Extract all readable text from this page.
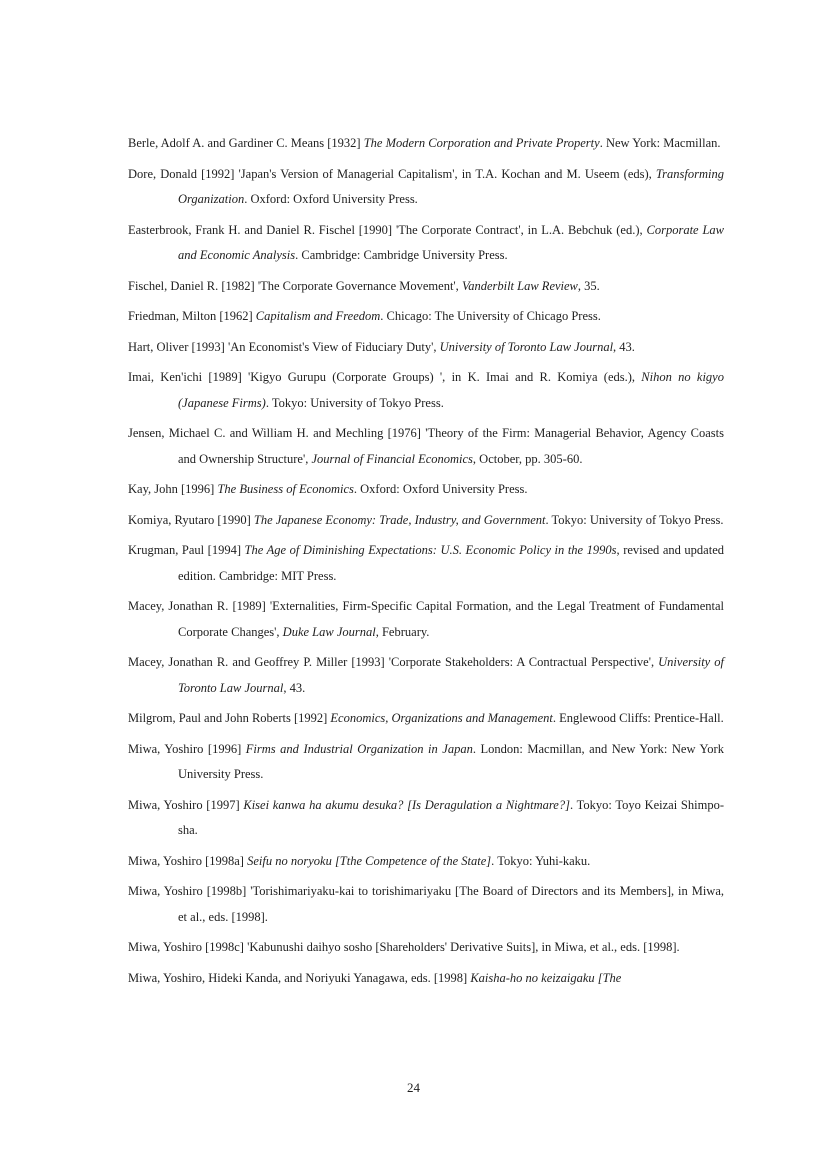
Berle, Adolf A. and Gardiner C. Means [1932] The Modern Corporation and Private Property. New York: Macmillan.

Dore, Donald [1992] 'Japan's Version of Managerial Capitalism', in T.A. Kochan and M. Useem (eds), Transforming Organization. Oxford: Oxford University Press.

Easterbrook, Frank H. and Daniel R. Fischel [1990] 'The Corporate Contract', in L.A. Bebchuk (ed.), Corporate Law and Economic Analysis. Cambridge: Cambridge University Press.

Fischel, Daniel R. [1982] 'The Corporate Governance Movement', Vanderbilt Law Review, 35.

Friedman, Milton [1962] Capitalism and Freedom. Chicago: The University of Chicago Press.

Hart, Oliver [1993] 'An Economist's View of Fiduciary Duty', University of Toronto Law Journal, 43.

Imai, Ken'ichi [1989] 'Kigyo Gurupu (Corporate Groups) ', in K. Imai and R. Komiya (eds.), Nihon no kigyo (Japanese Firms). Tokyo: University of Tokyo Press.

Jensen, Michael C. and William H. and Mechling [1976] 'Theory of the Firm: Managerial Behavior, Agency Coasts and Ownership Structure', Journal of Financial Economics, October, pp. 305-60.

Kay, John [1996] The Business of Economics. Oxford: Oxford University Press.

Komiya, Ryutaro [1990] The Japanese Economy: Trade, Industry, and Government. Tokyo: University of Tokyo Press.

Krugman, Paul [1994] The Age of Diminishing Expectations: U.S. Economic Policy in the 1990s, revised and updated edition. Cambridge: MIT Press.

Macey, Jonathan R. [1989] 'Externalities, Firm-Specific Capital Formation, and the Legal Treatment of Fundamental Corporate Changes', Duke Law Journal, February.

Macey, Jonathan R. and Geoffrey P. Miller [1993] 'Corporate Stakeholders: A Contractual Perspective', University of Toronto Law Journal, 43.

Milgrom, Paul and John Roberts [1992] Economics, Organizations and Management. Englewood Cliffs: Prentice-Hall.

Miwa, Yoshiro [1996] Firms and Industrial Organization in Japan. London: Macmillan, and New York: New York University Press.

Miwa, Yoshiro [1997] Kisei kanwa ha akumu desuka? [Is Deragulation a Nightmare?]. Tokyo: Toyo Keizai Shimpo-sha.

Miwa, Yoshiro [1998a] Seifu no noryoku [Tthe Competence of the State]. Tokyo: Yuhi-kaku.

Miwa, Yoshiro [1998b] 'Torishimariyaku-kai to torishimariyaku [The Board of Directors and its Members], in Miwa, et al., eds. [1998].

Miwa, Yoshiro [1998c] 'Kabunushi daihyo sosho [Shareholders' Derivative Suits], in Miwa, et al., eds. [1998].

Miwa, Yoshiro, Hideki Kanda, and Noriyuki Yanagawa, eds. [1998] Kaisha-ho no keizaigaku [The

24
